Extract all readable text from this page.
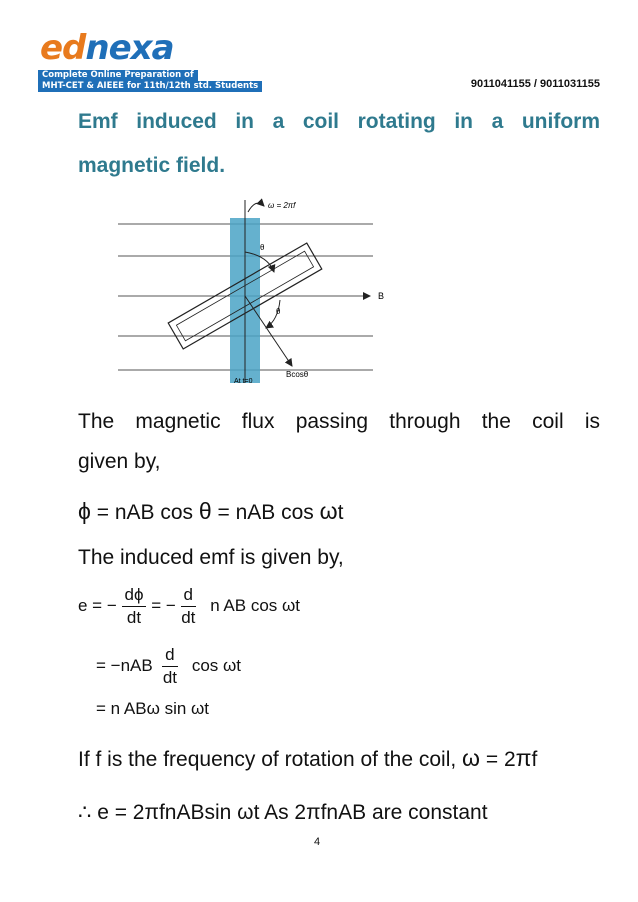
ednexa
Complete Online Preparation of
MHT-CET & AIEEE for 11th/12th std. Students	9011041155 / 9011031155
Emf induced in a coil rotating in a uniform
magnetic field.
ω = 2πf
θ
θ
B
Bcosθ
At t=0
The magnetic flux passing through the coil is
given by,
ϕ = nAB cos θ = nAB cos ωt
The induced emf is given by,
e = − $\frac{d\phi}{dt}$ = − $\frac{d}{dt}$ n AB cos ωt
= $-nAB \frac{d}{dt}$ cos ωt
= n ABω sin ωt
If f is the frequency of rotation of the coil, ω = 2πf
∴ e = 2πfnABsin ωt As 2πfnAB are constant
4
